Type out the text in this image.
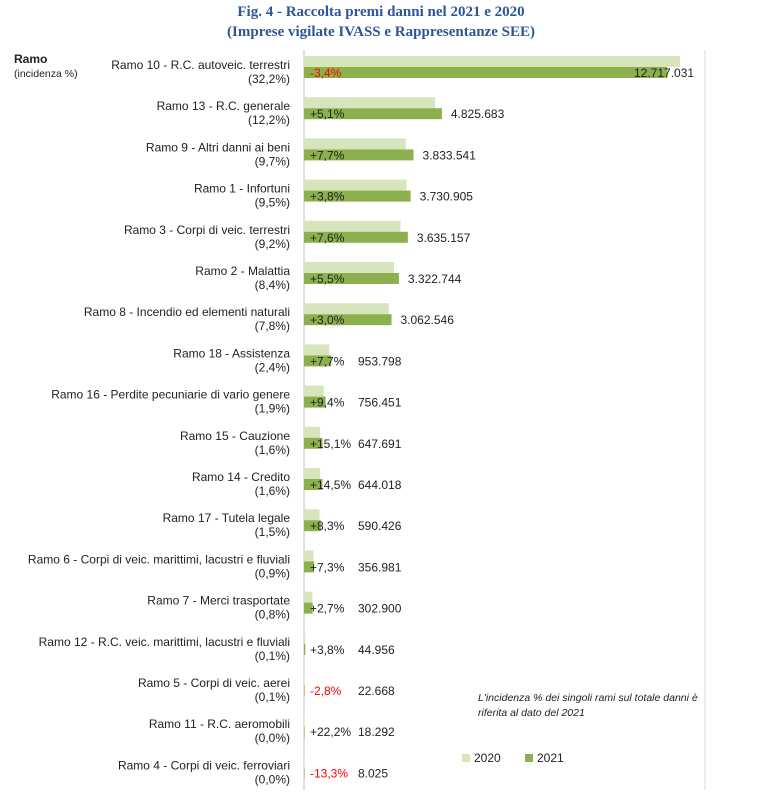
Fig. 4 - Raccolta premi danni nel 2021 e 2020
(Imprese vigilate IVASS e Rappresentanze SEE)
Ramo
(incidenza %)
Ramo 10 - R.C. autoveic. terrestri
(32,2%) -3,4%	12.717.031
Ramo 13 - R.C. generale
(12,2%) +5,1%	4.825.683
Ramo 9 - Altri danni ai beni
(9,7%) +7,7%	3.833.541
Ramo 1 - Infortuni
(9,5%) +3,8%	3.730.905
Ramo 3 - Corpi di veic. terrestri
(9,2%) +7,6%	3.635.157
Ramo 2 - Malattia
(8,4%) +5,5%	3.322.744
Ramo 8 - Incendio ed elementi naturali
(7,8%) +3,0%	3.062.546
Ramo 18 - Assistenza
(2,4%) +7,7% 953.798
Ramo 16 - Perdite pecuniarie di vario genere
(1,9%) +9,4% 756.451
Ramo 15 - Cauzione
(1,6%) +15,1% 647.691
Ramo 14 - Credito
(1,6%) +14,5% 644.018
Ramo 17 - Tutela legale
(1,5%) +8,3% 590.426
Ramo 6 - Corpi di veic. marittimi, lacustri e fluviali
(0,9%) +7,3% 356.981
Ramo 7 - Merci trasportate
(0,8%) +2,7% 302.900
Ramo 12 - R.C. veic. marittimi, lacustri e fluviali
(0,1%) +3,8% 44.956
Ramo 5 - Corpi di veic. aerei
(0,1%) -2,8% 22.668
Ramo 11 - R.C. aeromobili
(0,0%) +22,2% 18.292
Ramo 4 - Corpi di veic. ferroviari
(0,0%) -13,3% 8.025
L'incidenza % dei singoli rami sul totale danni è riferita al dato del 2021
2020	2021
